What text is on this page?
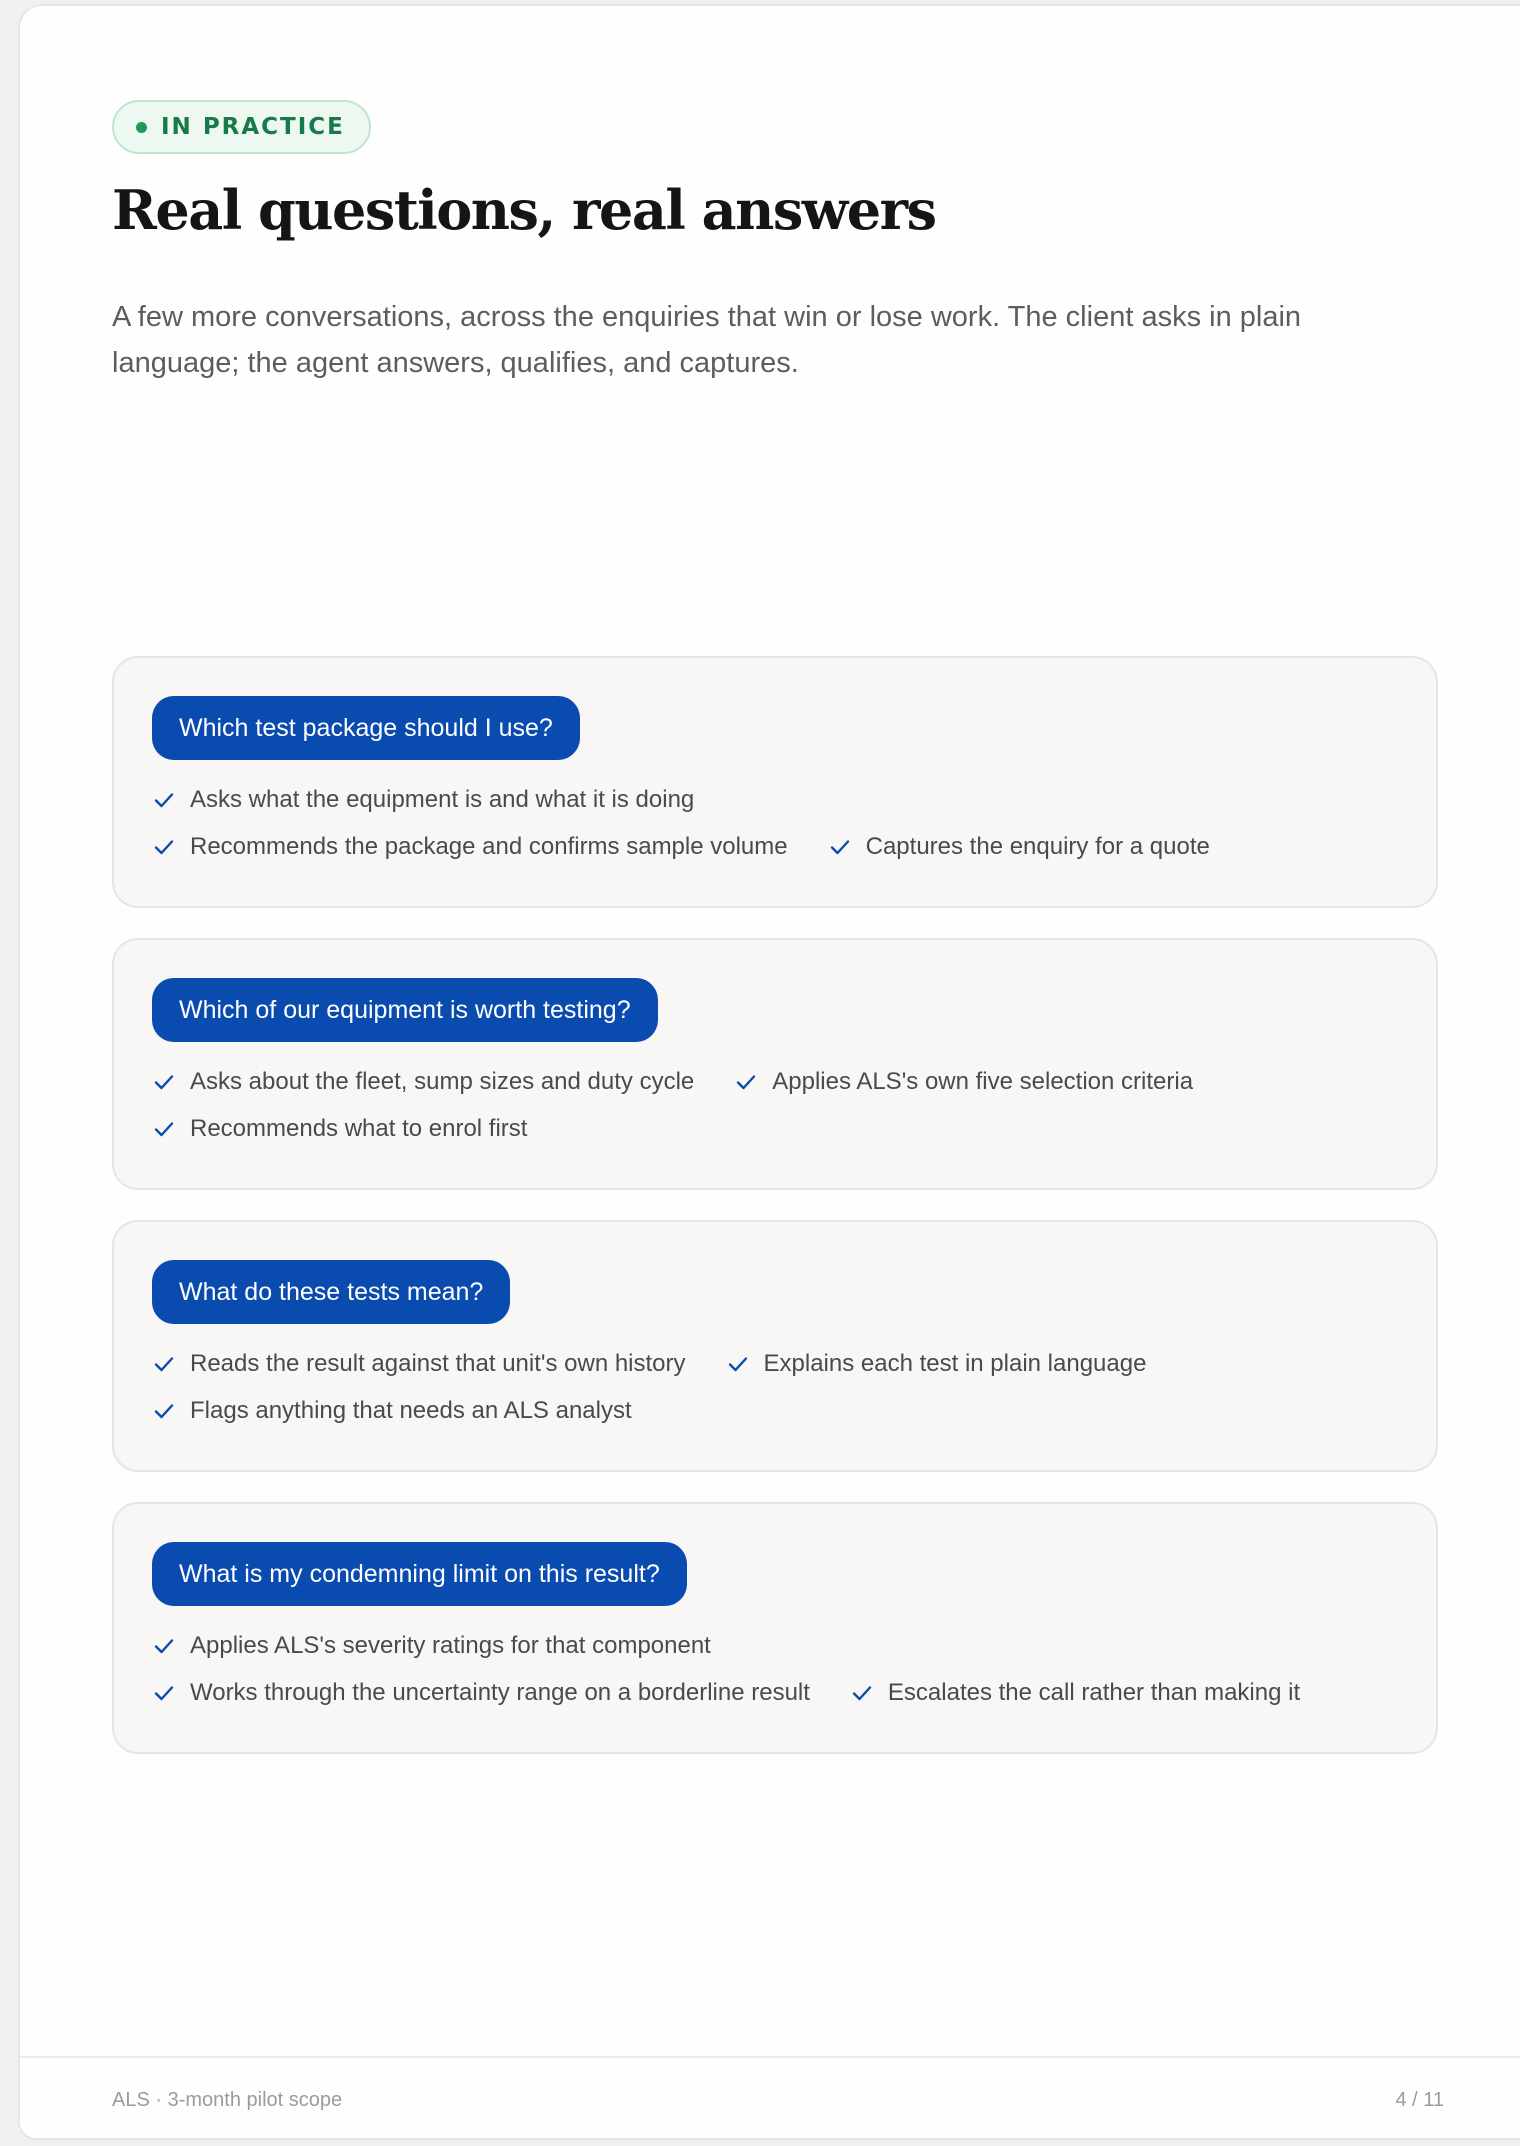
IN PRACTICE
Real questions, real answers

A few more conversations, across the enquiries that win or lose work. The client asks in plain language; the agent answers, qualifies, and captures.

Which test package should I use?
Asks what the equipment is and what it is doing
Recommends the package and confirms sample volume	Captures the enquiry for a quote
Which of our equipment is worth testing?
Asks about the fleet, sump sizes and duty cycle	Applies ALS's own five selection criteria
Recommends what to enrol first
What do these tests mean?
Reads the result against that unit's own history	Explains each test in plain language
Flags anything that needs an ALS analyst
What is my condemning limit on this result?
Applies ALS's severity ratings for that component
Works through the uncertainty range on a borderline result	Escalates the call rather than making it
ALS · 3-month pilot scope	4 / 11
